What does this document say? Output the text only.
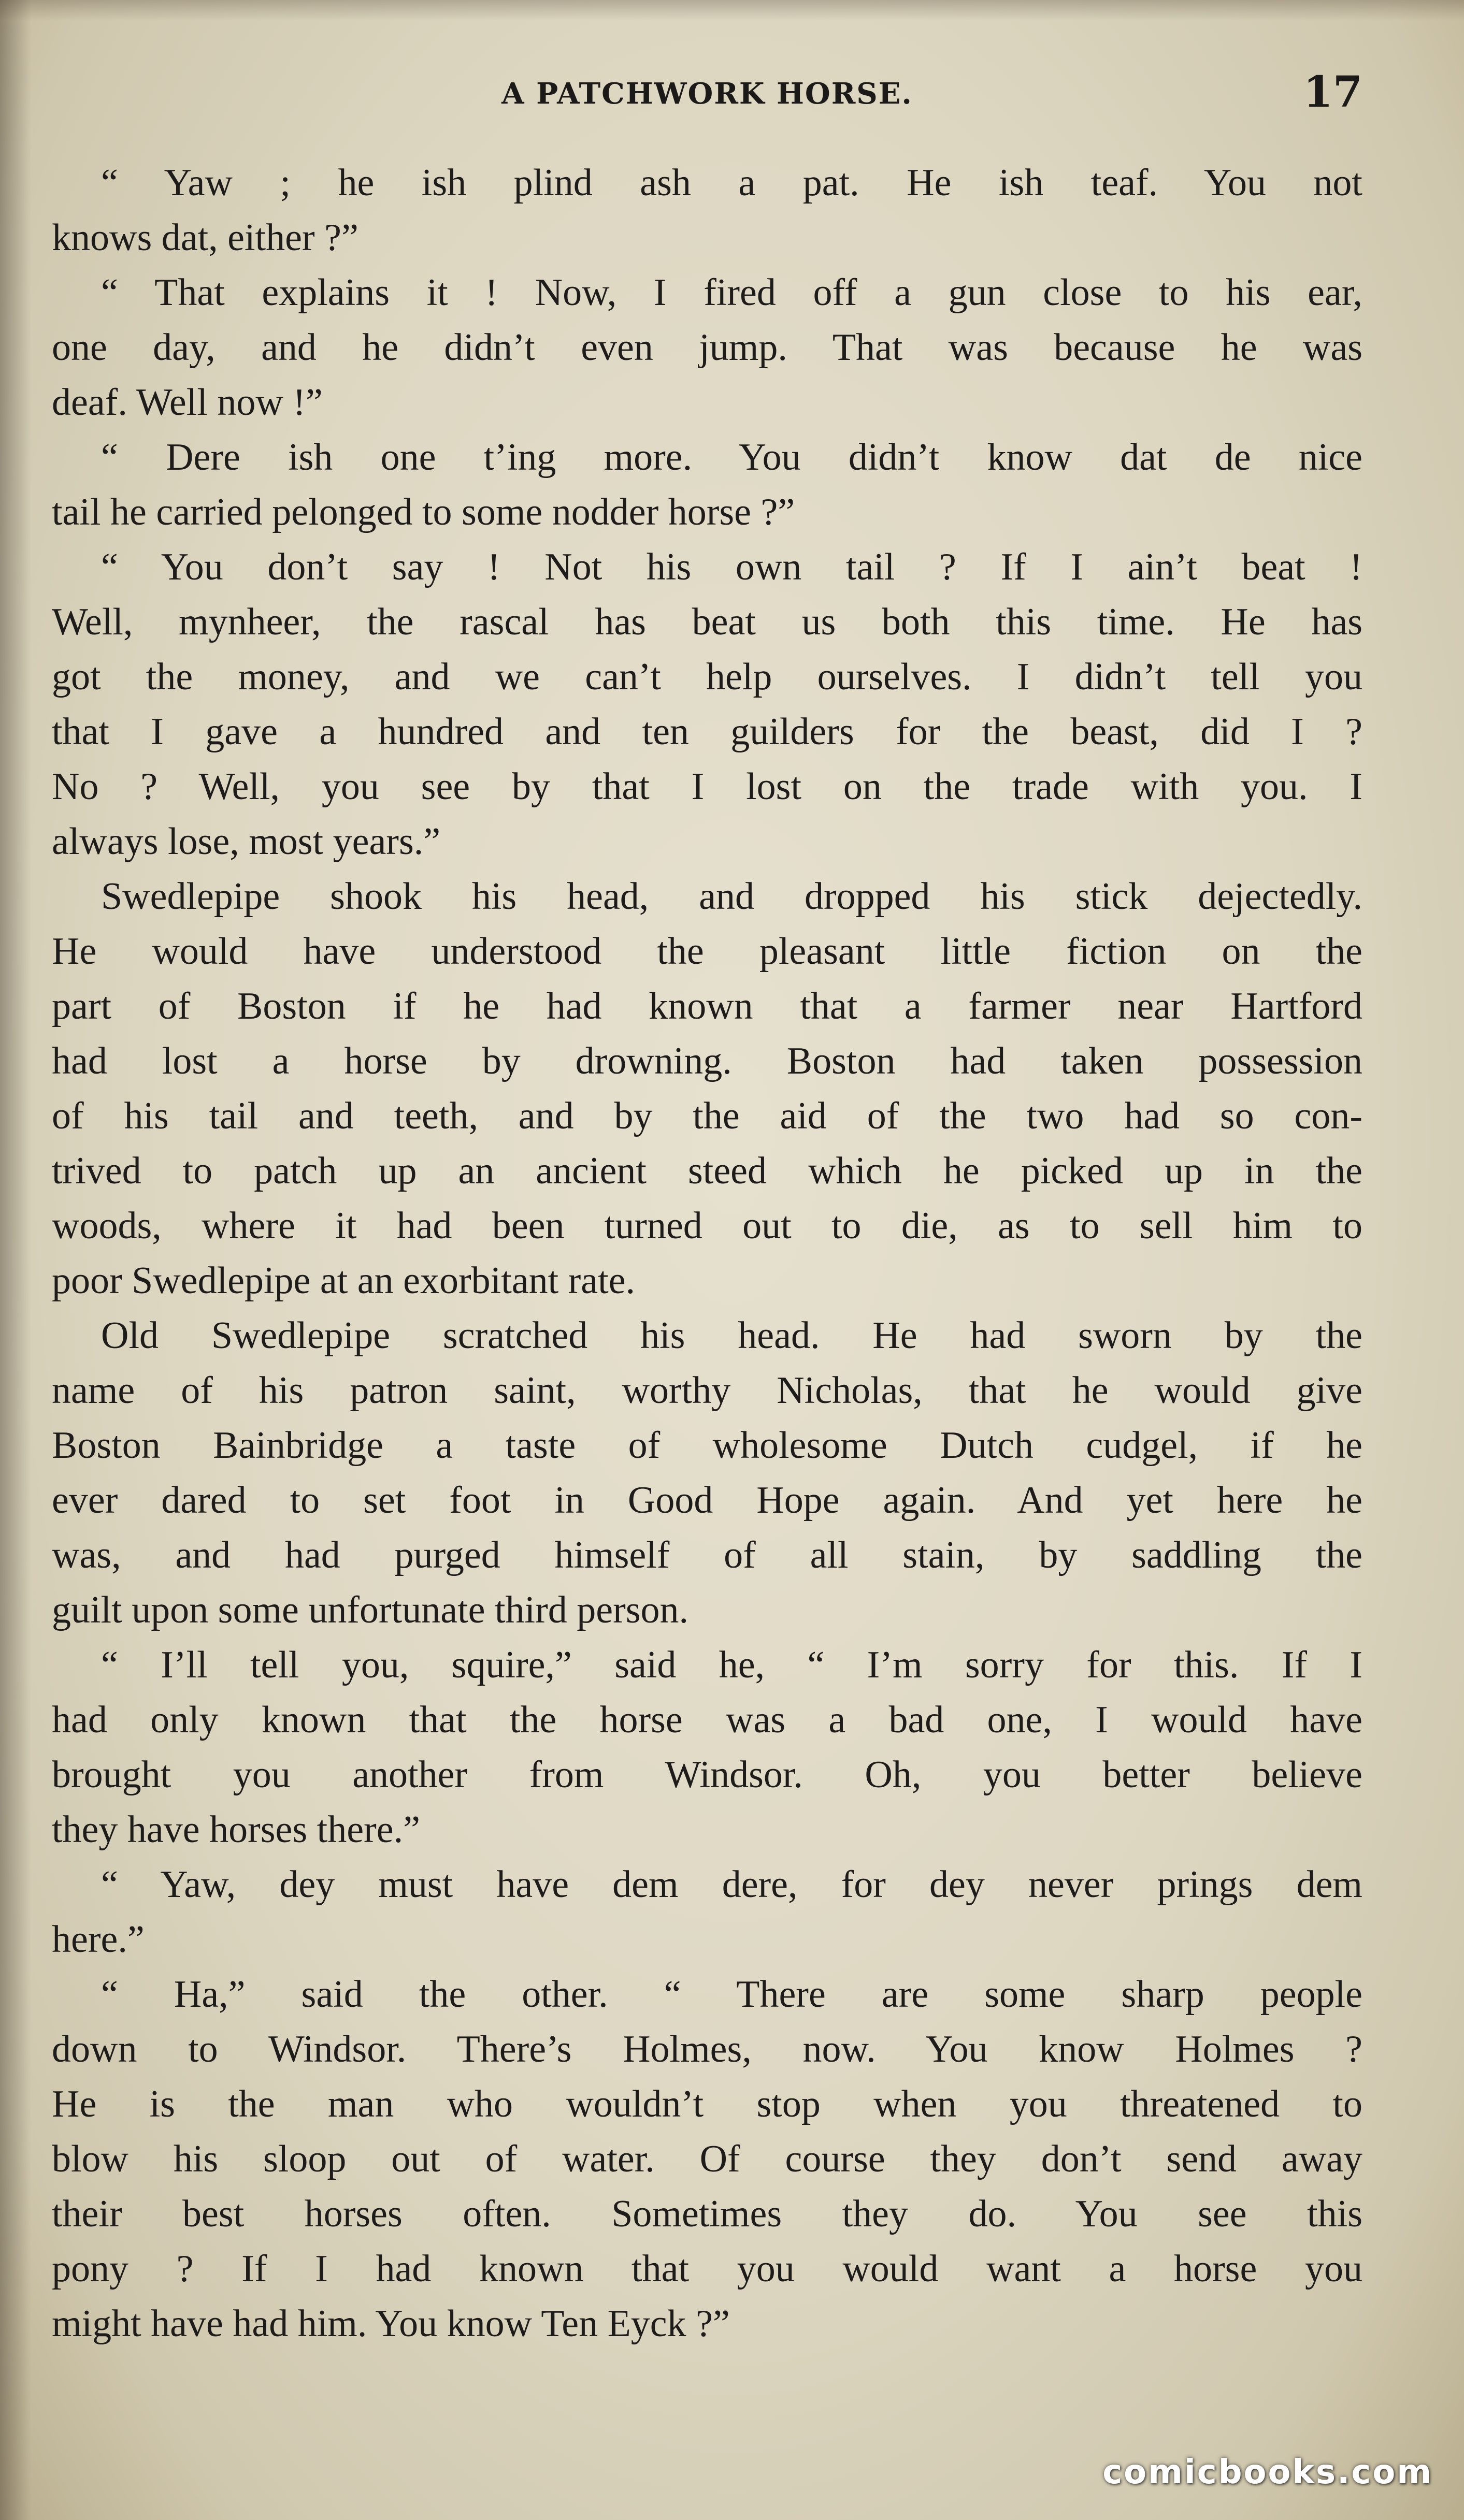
A PATCHWORK HORSE.	17
“ Yaw ; he ish plind ash a pat. He ish teaf. You not
knows dat, either ?”
“ That explains it ! Now, I fired off a gun close to his ear,
one day, and he didn’t even jump. That was because he was
deaf. Well now !”
“ Dere ish one t’ing more. You didn’t know dat de nice
tail he carried pelonged to some nodder horse ?”
“ You don’t say ! Not his own tail ? If I ain’t beat !
Well, mynheer, the rascal has beat us both this time. He has
got the money, and we can’t help ourselves. I didn’t tell you
that I gave a hundred and ten guilders for the beast, did I ?
No ? Well, you see by that I lost on the trade with you. I
always lose, most years.”
Swedlepipe shook his head, and dropped his stick dejectedly.
He would have understood the pleasant little fiction on the
part of Boston if he had known that a farmer near Hartford
had lost a horse by drowning. Boston had taken possession
of his tail and teeth, and by the aid of the two had so con-
trived to patch up an ancient steed which he picked up in the
woods, where it had been turned out to die, as to sell him to
poor Swedlepipe at an exorbitant rate.
Old Swedlepipe scratched his head. He had sworn by the
name of his patron saint, worthy Nicholas, that he would give
Boston Bainbridge a taste of wholesome Dutch cudgel, if he
ever dared to set foot in Good Hope again. And yet here he
was, and had purged himself of all stain, by saddling the
guilt upon some unfortunate third person.
“ I’ll tell you, squire,” said he, “ I’m sorry for this. If I
had only known that the horse was a bad one, I would have
brought you another from Windsor. Oh, you better believe
they have horses there.”
“ Yaw, dey must have dem dere, for dey never prings dem
here.”
“ Ha,” said the other. “ There are some sharp people
down to Windsor. There’s Holmes, now. You know Holmes ?
He is the man who wouldn’t stop when you threatened to
blow his sloop out of water. Of course they don’t send away
their best horses often. Sometimes they do. You see this
pony ? If I had known that you would want a horse you
might have had him. You know Ten Eyck ?”
comicbooks.com
